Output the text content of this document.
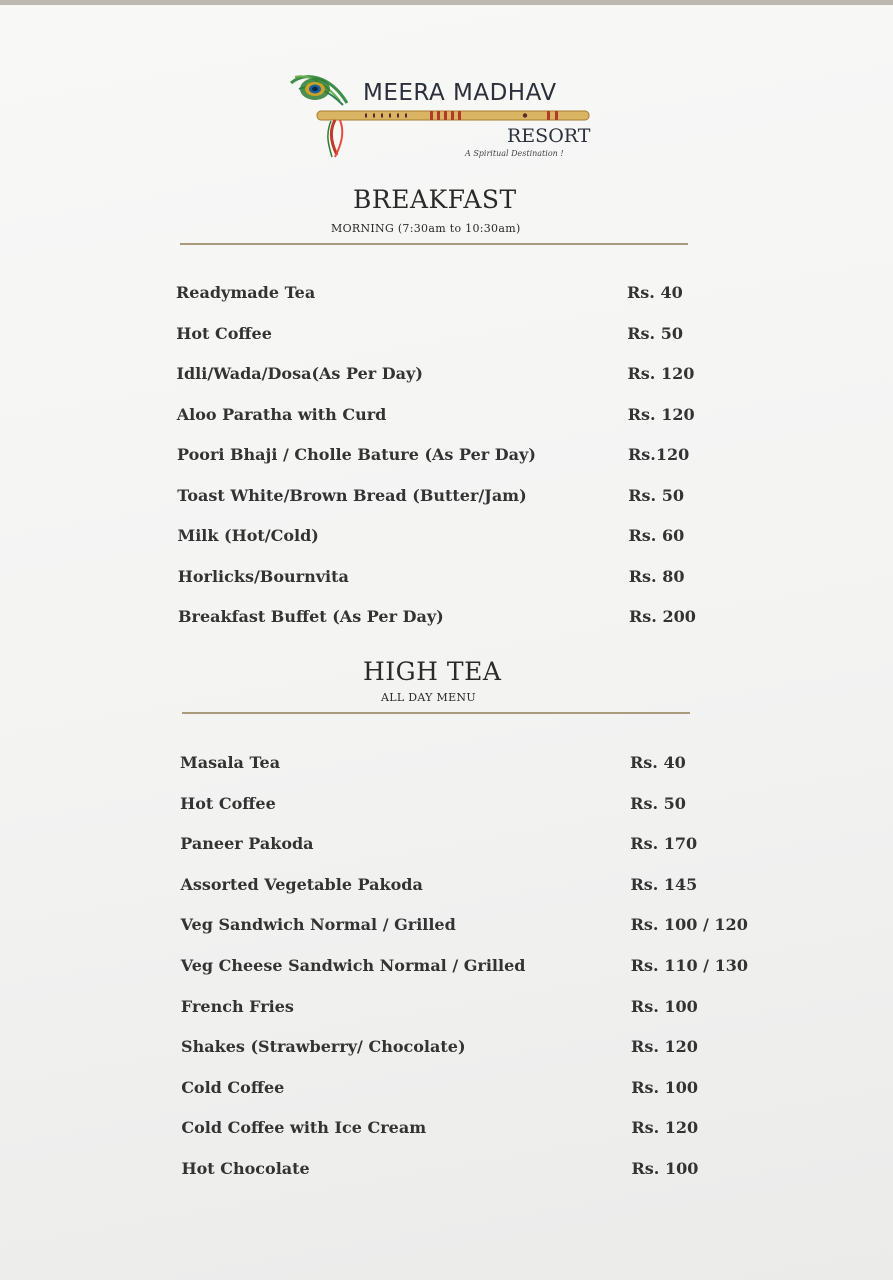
MEERA MADHAV
RESORT
A Spiritual Destination !
BREAKFAST
MORNING (7:30am to 10:30am)
Readymade Tea	Rs. 40
Hot Coffee	Rs. 50
Idli/Wada/Dosa(As Per Day)	Rs. 120
Aloo Paratha with Curd	Rs. 120
Poori Bhaji / Cholle Bature (As Per Day)	Rs.120
Toast White/Brown Bread (Butter/Jam)	Rs. 50
Milk (Hot/Cold)	Rs. 60
Horlicks/Bournvita	Rs. 80
Breakfast Buffet (As Per Day)	Rs. 200
HIGH TEA
ALL DAY MENU
Masala Tea	Rs. 40
Hot Coffee	Rs. 50
Paneer Pakoda	Rs. 170
Assorted Vegetable Pakoda	Rs. 145
Veg Sandwich Normal / Grilled	Rs. 100 / 120
Veg Cheese Sandwich Normal / Grilled	Rs. 110 / 130
French Fries	Rs. 100
Shakes (Strawberry/ Chocolate)	Rs. 120
Cold Coffee	Rs. 100
Cold Coffee with Ice Cream	Rs. 120
Hot Chocolate	Rs. 100
